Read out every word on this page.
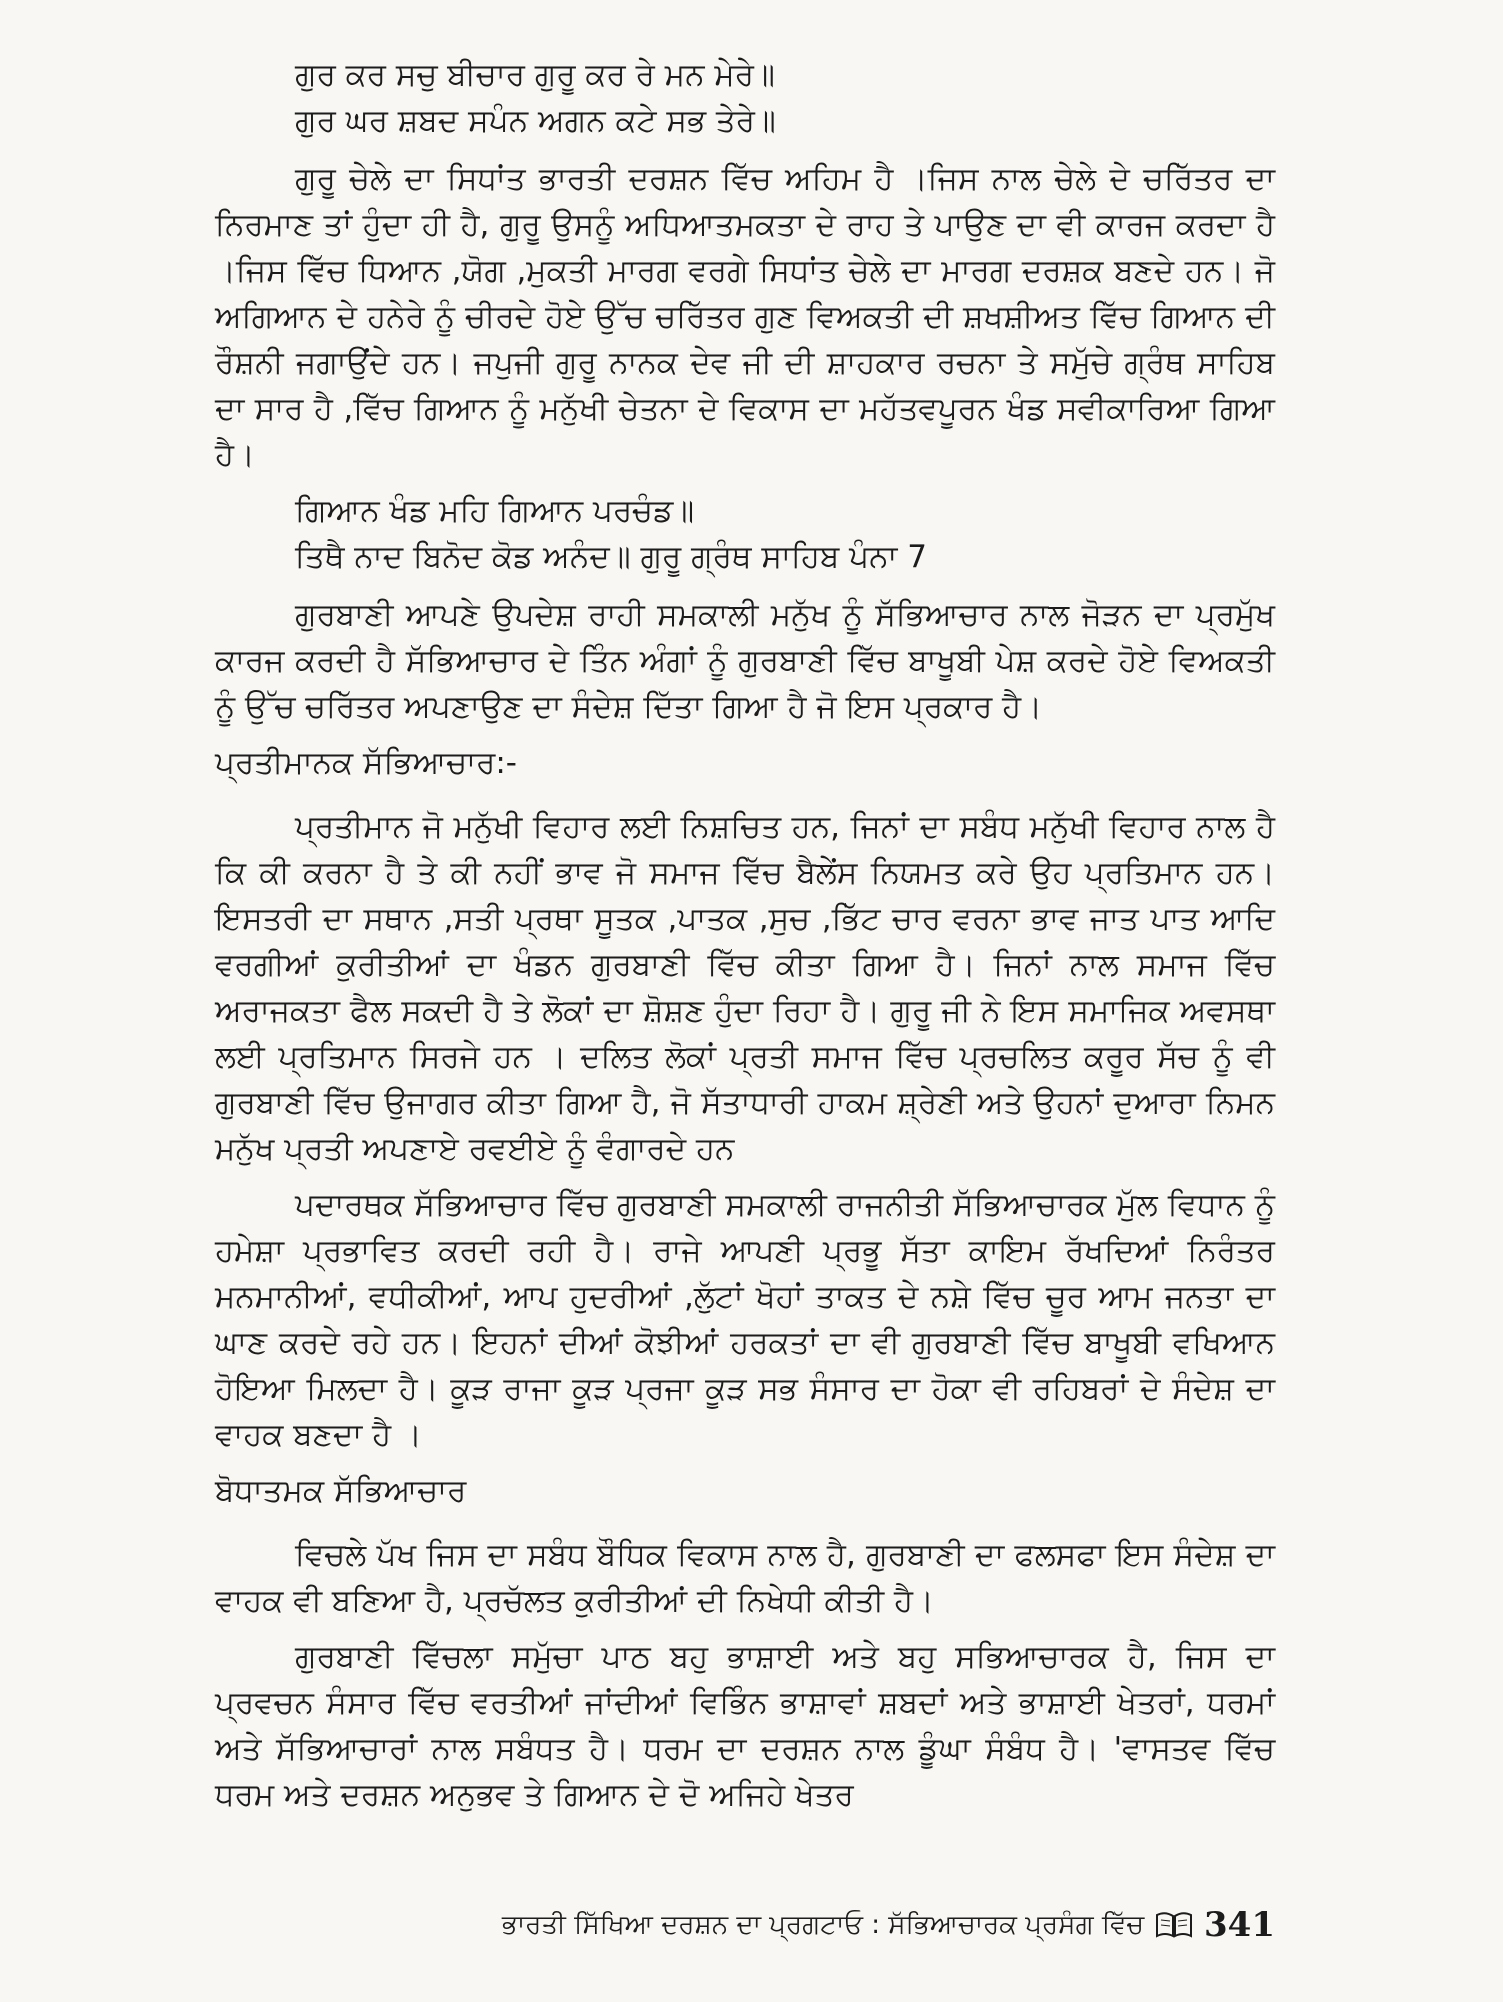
ਗੁਰ ਕਰ ਸਚੁ ਬੀਚਾਰ ਗੁਰੂ ਕਰ ਰੇ ਮਨ ਮੇਰੇ॥
ਗੁਰ ਘਰ ਸ਼ਬਦ ਸਪੰਨ ਅਗਨ ਕਟੇ ਸਭ ਤੇਰੇ॥

ਗੁਰੂ ਚੇਲੇ ਦਾ ਸਿਧਾਂਤ ਭਾਰਤੀ ਦਰਸ਼ਨ ਵਿੱਚ ਅਹਿਮ ਹੈ ।ਜਿਸ ਨਾਲ ਚੇਲੇ ਦੇ ਚਰਿੱਤਰ ਦਾ ਨਿਰਮਾਣ ਤਾਂ ਹੁੰਦਾ ਹੀ ਹੈ, ਗੁਰੂ ਉਸਨੂੰ ਅਧਿਆਤਮਕਤਾ ਦੇ ਰਾਹ ਤੇ ਪਾਉਣ ਦਾ ਵੀ ਕਾਰਜ ਕਰਦਾ ਹੈ ।ਜਿਸ ਵਿੱਚ ਧਿਆਨ ,ਯੋਗ ,ਮੁਕਤੀ ਮਾਰਗ ਵਰਗੇ ਸਿਧਾਂਤ ਚੇਲੇ ਦਾ ਮਾਰਗ ਦਰਸ਼ਕ ਬਣਦੇ ਹਨ। ਜੋ ਅਗਿਆਨ ਦੇ ਹਨੇਰੇ ਨੂੰ ਚੀਰਦੇ ਹੋਏ ਉੱਚ ਚਰਿੱਤਰ ਗੁਣ ਵਿਅਕਤੀ ਦੀ ਸ਼ਖਸ਼ੀਅਤ ਵਿੱਚ ਗਿਆਨ ਦੀ ਰੌਸ਼ਨੀ ਜਗਾਉਂਦੇ ਹਨ। ਜਪੁਜੀ ਗੁਰੂ ਨਾਨਕ ਦੇਵ ਜੀ ਦੀ ਸ਼ਾਹਕਾਰ ਰਚਨਾ ਤੇ ਸਮੁੱਚੇ ਗ੍ਰੰਥ ਸਾਹਿਬ ਦਾ ਸਾਰ ਹੈ ,ਵਿੱਚ ਗਿਆਨ ਨੂੰ ਮਨੁੱਖੀ ਚੇਤਨਾ ਦੇ ਵਿਕਾਸ ਦਾ ਮਹੱਤਵਪੂਰਨ ਖੰਡ ਸਵੀਕਾਰਿਆ ਗਿਆ ਹੈ।

ਗਿਆਨ ਖੰਡ ਮਹਿ ਗਿਆਨ ਪਰਚੰਡ॥
ਤਿਥੈ ਨਾਦ ਬਿਨੋਦ ਕੋਡ ਅਨੰਦ॥ ਗੁਰੂ ਗ੍ਰੰਥ ਸਾਹਿਬ ਪੰਨਾ 7

ਗੁਰਬਾਣੀ ਆਪਣੇ ਉਪਦੇਸ਼ ਰਾਹੀ ਸਮਕਾਲੀ ਮਨੁੱਖ ਨੂੰ ਸੱਭਿਆਚਾਰ ਨਾਲ ਜੋੜਨ ਦਾ ਪ੍ਰਮੁੱਖ ਕਾਰਜ ਕਰਦੀ ਹੈ ਸੱਭਿਆਚਾਰ ਦੇ ਤਿੰਨ ਅੰਗਾਂ ਨੂੰ ਗੁਰਬਾਣੀ ਵਿੱਚ ਬਾਖੂਬੀ ਪੇਸ਼ ਕਰਦੇ ਹੋਏ ਵਿਅਕਤੀ ਨੂੰ ਉੱਚ ਚਰਿੱਤਰ ਅਪਣਾਉਣ ਦਾ ਸੰਦੇਸ਼ ਦਿੱਤਾ ਗਿਆ ਹੈ ਜੋ ਇਸ ਪ੍ਰਕਾਰ ਹੈ।

ਪ੍ਰਤੀਮਾਨਕ ਸੱਭਿਆਚਾਰ:-

ਪ੍ਰਤੀਮਾਨ ਜੋ ਮਨੁੱਖੀ ਵਿਹਾਰ ਲਈ ਨਿਸ਼ਚਿਤ ਹਨ, ਜਿਨਾਂ ਦਾ ਸਬੰਧ ਮਨੁੱਖੀ ਵਿਹਾਰ ਨਾਲ ਹੈ ਕਿ ਕੀ ਕਰਨਾ ਹੈ ਤੇ ਕੀ ਨਹੀਂ ਭਾਵ ਜੋ ਸਮਾਜ ਵਿੱਚ ਬੈਲੇਂਸ ਨਿਯਮਤ ਕਰੇ ਉਹ ਪ੍ਰਤਿਮਾਨ ਹਨ। ਇਸਤਰੀ ਦਾ ਸਥਾਨ ,ਸਤੀ ਪ੍ਰਥਾ ਸੂਤਕ ,ਪਾਤਕ ,ਸੁਚ ,ਭਿੱਟ ਚਾਰ ਵਰਨਾ ਭਾਵ ਜਾਤ ਪਾਤ ਆਦਿ ਵਰਗੀਆਂ ਕੁਰੀਤੀਆਂ ਦਾ ਖੰਡਨ ਗੁਰਬਾਣੀ ਵਿੱਚ ਕੀਤਾ ਗਿਆ ਹੈ। ਜਿਨਾਂ ਨਾਲ ਸਮਾਜ ਵਿੱਚ ਅਰਾਜਕਤਾ ਫੈਲ ਸਕਦੀ ਹੈ ਤੇ ਲੋਕਾਂ ਦਾ ਸ਼ੋਸ਼ਣ ਹੁੰਦਾ ਰਿਹਾ ਹੈ। ਗੁਰੂ ਜੀ ਨੇ ਇਸ ਸਮਾਜਿਕ ਅਵਸਥਾ ਲਈ ਪ੍ਰਤਿਮਾਨ ਸਿਰਜੇ ਹਨ । ਦਲਿਤ ਲੋਕਾਂ ਪ੍ਰਤੀ ਸਮਾਜ ਵਿੱਚ ਪ੍ਰਚਲਿਤ ਕਰੂਰ ਸੱਚ ਨੂੰ ਵੀ ਗੁਰਬਾਣੀ ਵਿੱਚ ਉਜਾਗਰ ਕੀਤਾ ਗਿਆ ਹੈ, ਜੋ ਸੱਤਾਧਾਰੀ ਹਾਕਮ ਸ਼੍ਰੇਣੀ ਅਤੇ ਉਹਨਾਂ ਦੁਆਰਾ ਨਿਮਨ ਮਨੁੱਖ ਪ੍ਰਤੀ ਅਪਣਾਏ ਰਵਈਏ ਨੂੰ ਵੰਗਾਰਦੇ ਹਨ

ਪਦਾਰਥਕ ਸੱਭਿਆਚਾਰ ਵਿੱਚ ਗੁਰਬਾਣੀ ਸਮਕਾਲੀ ਰਾਜਨੀਤੀ ਸੱਭਿਆਚਾਰਕ ਮੁੱਲ ਵਿਧਾਨ ਨੂੰ ਹਮੇਸ਼ਾ ਪ੍ਰਭਾਵਿਤ ਕਰਦੀ ਰਹੀ ਹੈ। ਰਾਜੇ ਆਪਣੀ ਪ੍ਰਭੂ ਸੱਤਾ ਕਾਇਮ ਰੱਖਦਿਆਂ ਨਿਰੰਤਰ ਮਨਮਾਨੀਆਂ, ਵਧੀਕੀਆਂ, ਆਪ ਹੁਦਰੀਆਂ ,ਲੁੱਟਾਂ ਖੋਹਾਂ ਤਾਕਤ ਦੇ ਨਸ਼ੇ ਵਿੱਚ ਚੂਰ ਆਮ ਜਨਤਾ ਦਾ ਘਾਣ ਕਰਦੇ ਰਹੇ ਹਨ। ਇਹਨਾਂ ਦੀਆਂ ਕੋਝੀਆਂ ਹਰਕਤਾਂ ਦਾ ਵੀ ਗੁਰਬਾਣੀ ਵਿੱਚ ਬਾਖੂਬੀ ਵਖਿਆਨ ਹੋਇਆ ਮਿਲਦਾ ਹੈ। ਕੂੜ ਰਾਜਾ ਕੂੜ ਪ੍ਰਜਾ ਕੂੜ ਸਭ ਸੰਸਾਰ ਦਾ ਹੋਕਾ ਵੀ ਰਹਿਬਰਾਂ ਦੇ ਸੰਦੇਸ਼ ਦਾ ਵਾਹਕ ਬਣਦਾ ਹੈ ।

ਬੋਧਾਤਮਕ ਸੱਭਿਆਚਾਰ

ਵਿਚਲੇ ਪੱਖ ਜਿਸ ਦਾ ਸਬੰਧ ਬੌਧਿਕ ਵਿਕਾਸ ਨਾਲ ਹੈ, ਗੁਰਬਾਣੀ ਦਾ ਫਲਸਫਾ ਇਸ ਸੰਦੇਸ਼ ਦਾ ਵਾਹਕ ਵੀ ਬਣਿਆ ਹੈ, ਪ੍ਰਚੱਲਤ ਕੁਰੀਤੀਆਂ ਦੀ ਨਿਖੇਧੀ ਕੀਤੀ ਹੈ।

ਗੁਰਬਾਣੀ ਵਿੱਚਲਾ ਸਮੁੱਚਾ ਪਾਠ ਬਹੁ ਭਾਸ਼ਾਈ ਅਤੇ ਬਹੁ ਸਭਿਆਚਾਰਕ ਹੈ, ਜਿਸ ਦਾ ਪ੍ਰਵਚਨ ਸੰਸਾਰ ਵਿੱਚ ਵਰਤੀਆਂ ਜਾਂਦੀਆਂ ਵਿਭਿੰਨ ਭਾਸ਼ਾਵਾਂ ਸ਼ਬਦਾਂ ਅਤੇ ਭਾਸ਼ਾਈ ਖੇਤਰਾਂ, ਧਰਮਾਂ ਅਤੇ ਸੱਭਿਆਚਾਰਾਂ ਨਾਲ ਸਬੰਧਤ ਹੈ। ਧਰਮ ਦਾ ਦਰਸ਼ਨ ਨਾਲ ਡੂੰਘਾ ਸੰਬੰਧ ਹੈ। 'ਵਾਸਤਵ ਵਿੱਚ ਧਰਮ ਅਤੇ ਦਰਸ਼ਨ ਅਨੁਭਵ ਤੇ ਗਿਆਨ ਦੇ ਦੋ ਅਜਿਹੇ ਖੇਤਰ

ਭਾਰਤੀ ਸਿੱਖਿਆ ਦਰਸ਼ਨ ਦਾ ਪ੍ਰਗਟਾਓ : ਸੱਭਿਆਚਾਰਕ ਪ੍ਰਸੰਗ ਵਿੱਚ 341
